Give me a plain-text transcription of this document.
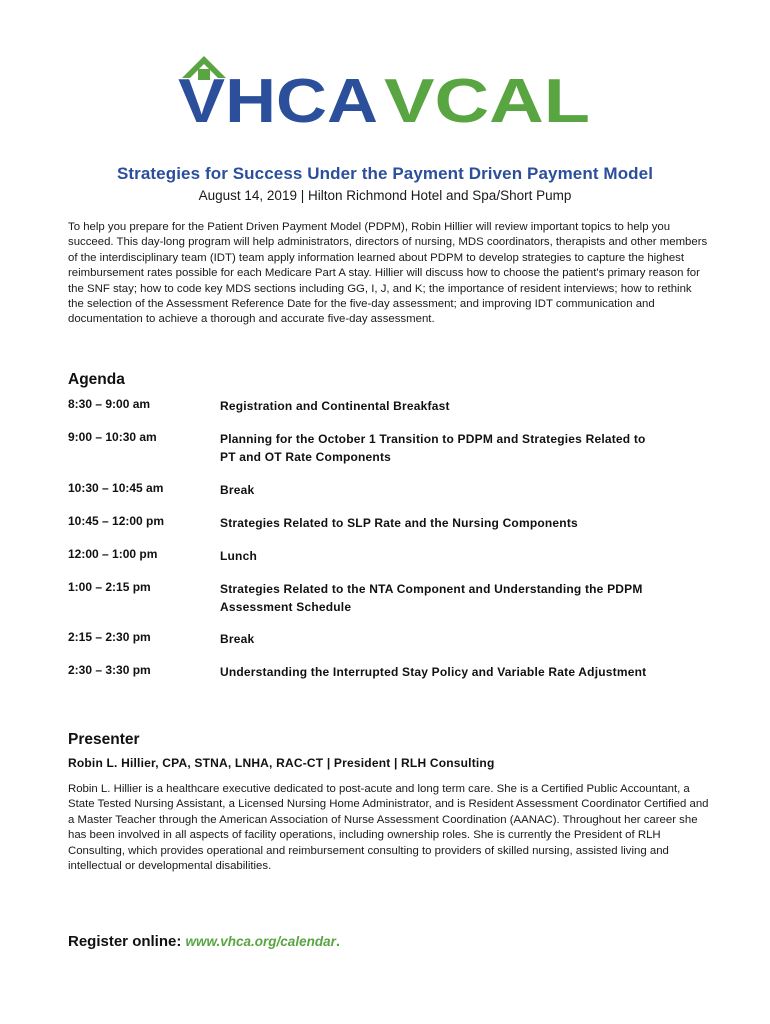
VHCA VCAL
Strategies for Success Under the Payment Driven Payment Model
August 14, 2019 | Hilton Richmond Hotel and Spa/Short Pump
To help you prepare for the Patient Driven Payment Model (PDPM), Robin Hillier will review important topics to help you succeed. This day-long program will help administrators, directors of nursing, MDS coordinators, therapists and other members of the interdisciplinary team (IDT) team apply information learned about PDPM to develop strategies to capture the highest reimbursement rates possible for each Medicare Part A stay. Hillier will discuss how to choose the patient's primary reason for the SNF stay; how to code key MDS sections including GG, I, J, and K; the importance of resident interviews; how to rethink the selection of the Assessment Reference Date for the five-day assessment; and improving IDT communication and documentation to achieve a thorough and accurate five-day assessment.
Agenda
8:30 – 9:00 am	Registration and Continental Breakfast
9:00 – 10:30 am	Planning for the October 1 Transition to PDPM and Strategies Related to PT and OT Rate Components
10:30 – 10:45 am	Break
10:45 – 12:00 pm	Strategies Related to SLP Rate and the Nursing Components
12:00 – 1:00 pm	Lunch
1:00 – 2:15 pm	Strategies Related to the NTA Component and Understanding the PDPM Assessment Schedule
2:15 – 2:30 pm	Break
2:30 – 3:30 pm	Understanding the Interrupted Stay Policy and Variable Rate Adjustment
Presenter
Robin L. Hillier, CPA, STNA, LNHA, RAC-CT | President | RLH Consulting
Robin L. Hillier is a healthcare executive dedicated to post-acute and long term care. She is a Certified Public Accountant, a State Tested Nursing Assistant, a Licensed Nursing Home Administrator, and is Resident Assessment Coordinator Certified and a Master Teacher through the American Association of Nurse Assessment Coordination (AANAC). Throughout her career she has been involved in all aspects of facility operations, including ownership roles. She is currently the President of RLH Consulting, which provides operational and reimbursement consulting to providers of skilled nursing, assisted living and intellectual or developmental disabilities.
Register online: www.vhca.org/calendar.
